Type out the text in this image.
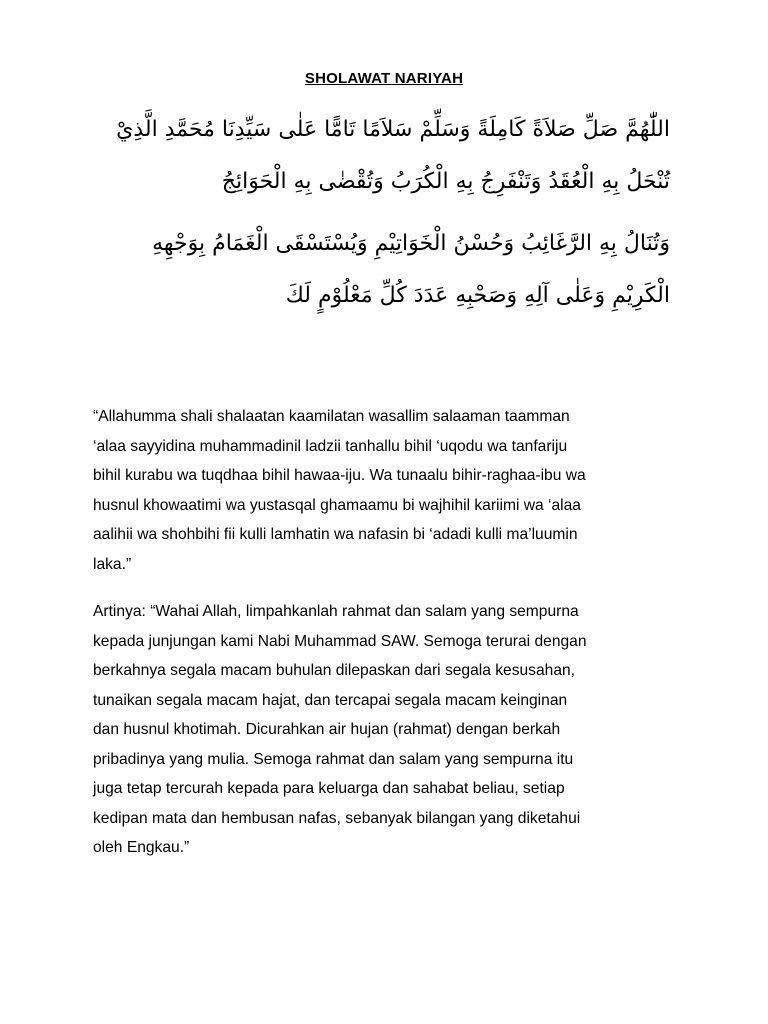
SHOLAWAT NARIYAH
اللّٰهُمَّ صَلِّ صَلاَةً كَامِلَةً وَسَلِّمْ سَلاَمًا تَامًّا عَلٰى سَيِّدِنَا مُحَمَّدِ الَّذِيْ
تُنْحَلُ بِهِ الْعُقَدُ وَتَنْفَرِجُ بِهِ الْكُرَبُ وَتُقْضٰى بِهِ الْحَوَائِجُ
وَتُنَالُ بِهِ الرَّغَائِبُ وَحُسْنُ الْخَوَاتِيْمِ وَيُسْتَسْقَى الْغَمَامُ بِوَجْهِهِ
الْكَرِيْمِ وَعَلٰى آلِهِ وَصَحْبِهِ عَدَدَ كُلِّ مَعْلُوْمٍ لَكَ
“Allahumma shali shalaatan kaamilatan wasallim salaaman taamman
‘alaa sayyidina muhammadinil ladzii tanhallu bihil ‘uqodu wa tanfariju
bihil kurabu wa tuqdhaa bihil hawaa-iju. Wa tunaalu bihir-raghaa-ibu wa
husnul khowaatimi wa yustasqal ghamaamu bi wajhihil kariimi wa ‘alaa
aalihii wa shohbihi fii kulli lamhatin wa nafasin bi ‘adadi kulli ma’luumin
laka.”
Artinya: “Wahai Allah, limpahkanlah rahmat dan salam yang sempurna
kepada junjungan kami Nabi Muhammad SAW. Semoga terurai dengan
berkahnya segala macam buhulan dilepaskan dari segala kesusahan,
tunaikan segala macam hajat, dan tercapai segala macam keinginan
dan husnul khotimah. Dicurahkan air hujan (rahmat) dengan berkah
pribadinya yang mulia. Semoga rahmat dan salam yang sempurna itu
juga tetap tercurah kepada para keluarga dan sahabat beliau, setiap
kedipan mata dan hembusan nafas, sebanyak bilangan yang diketahui
oleh Engkau.”
